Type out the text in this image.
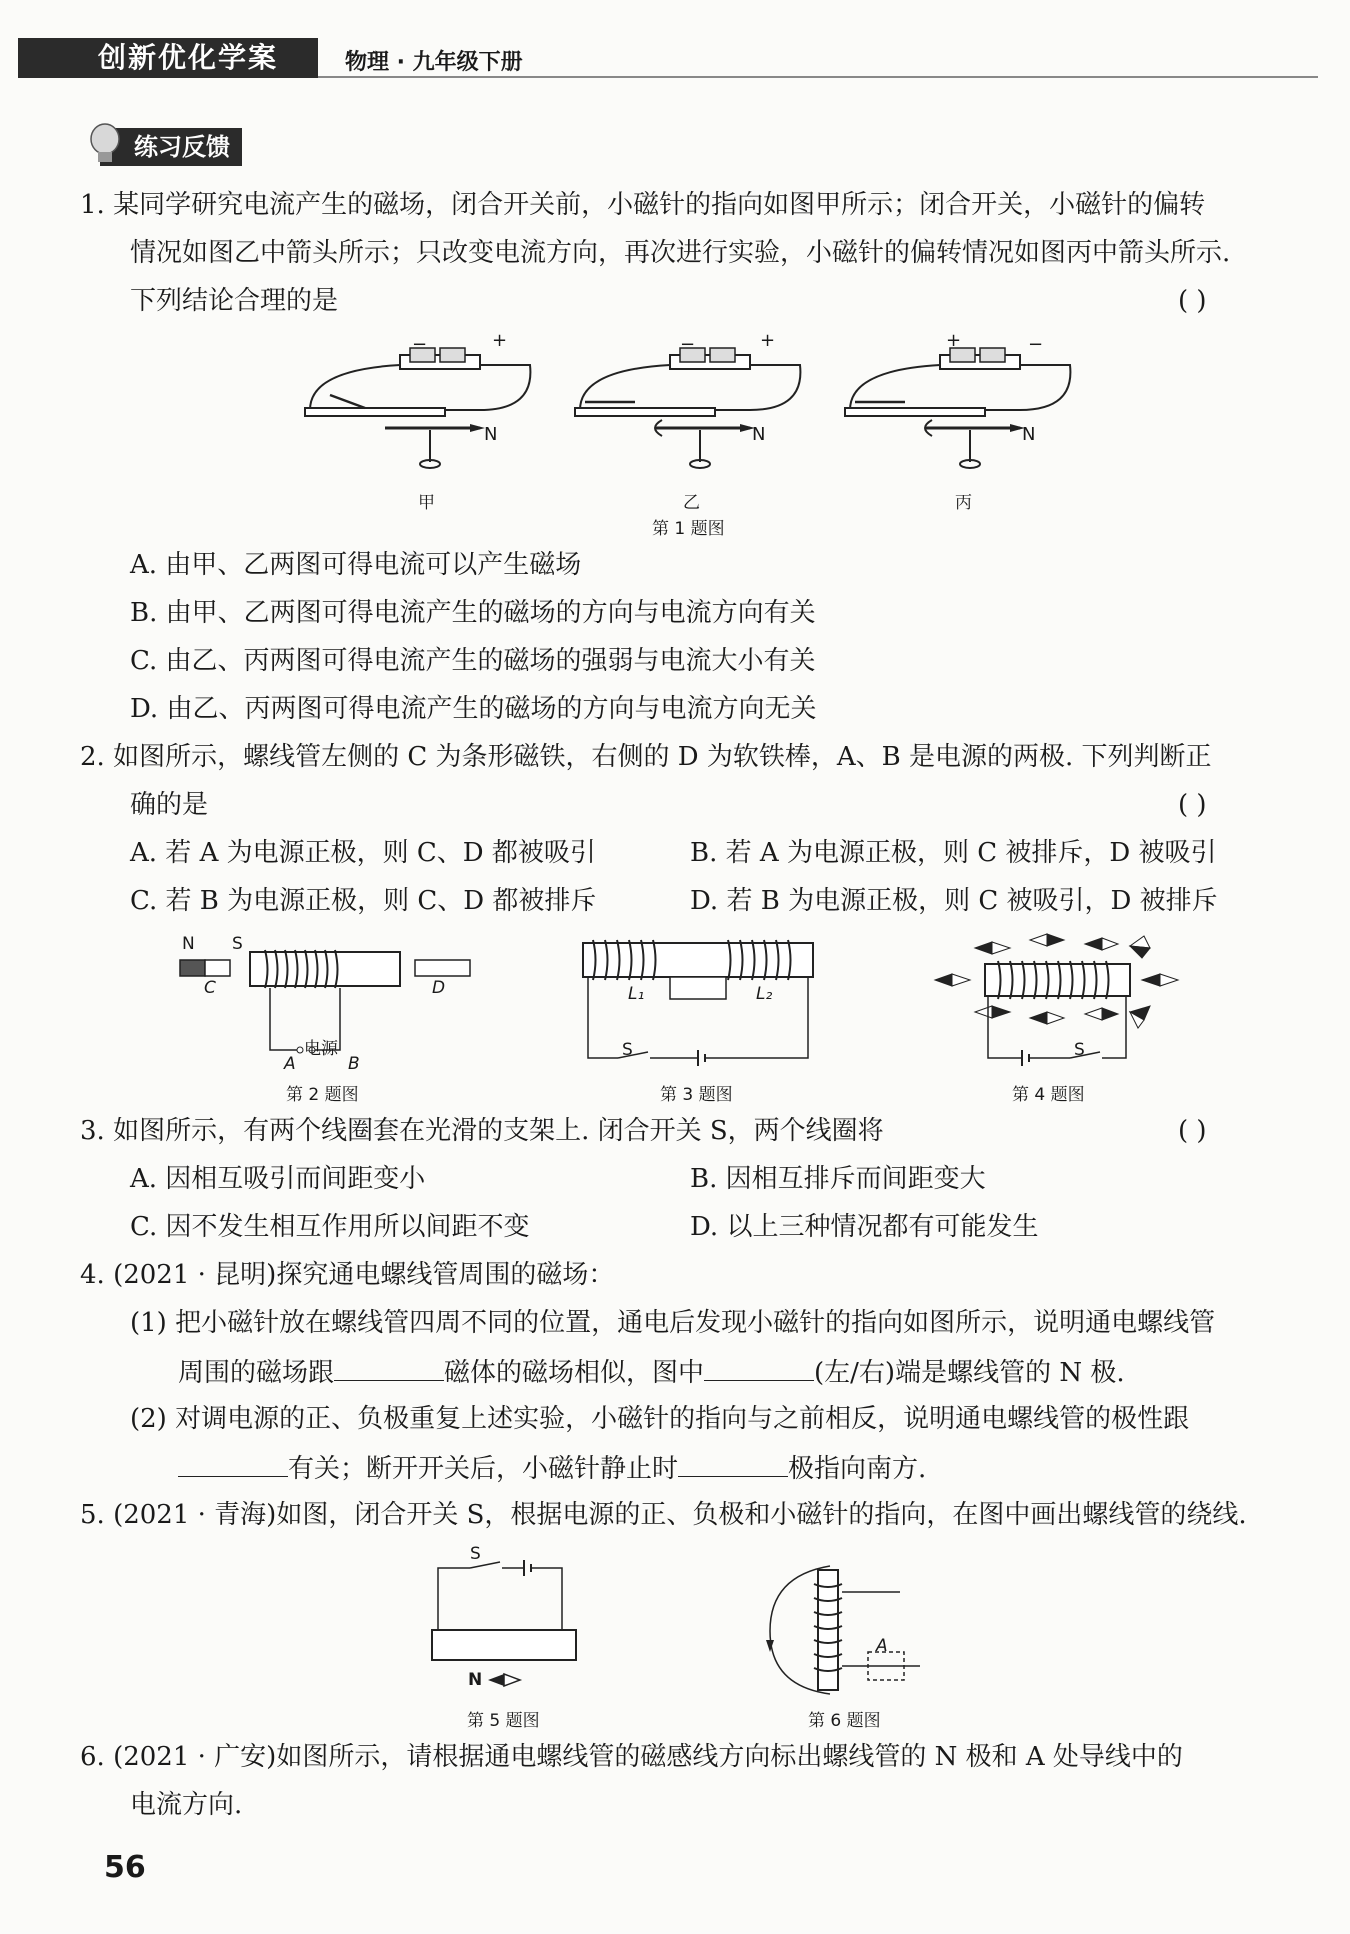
创新优化学案	物理 · 九年级下册
练习反馈
1. 某同学研究电流产生的磁场，闭合开关前，小磁针的指向如图甲所示；闭合开关，小磁针的偏转
情况如图乙中箭头所示；只改变电流方向，再次进行实验，小磁针的偏转情况如图丙中箭头所示.
下列结论合理的是	( )
−	+
N
甲
−	+
N
乙
+	−
N
丙
第 1 题图
A. 由甲、乙两图可得电流可以产生磁场
B. 由甲、乙两图可得电流产生的磁场的方向与电流方向有关
C. 由乙、丙两图可得电流产生的磁场的强弱与电流大小有关
D. 由乙、丙两图可得电流产生的磁场的方向与电流方向无关
2. 如图所示，螺线管左侧的 C 为条形磁铁，右侧的 D 为软铁棒，A、B 是电源的两极. 下列判断正
确的是	( )
A. 若 A 为电源正极，则 C、D 都被吸引	B. 若 A 为电源正极，则 C 被排斥，D 被吸引
C. 若 B 为电源正极，则 C、D 都被排斥	D. 若 B 为电源正极，则 C 被吸引，D 被排斥
N S
C	D
电源
A	B
第 2 题图
L₁	L₂
S
第 3 题图
S
第 4 题图
3. 如图所示，有两个线圈套在光滑的支架上. 闭合开关 S，两个线圈将	( )
A. 因相互吸引而间距变小	B. 因相互排斥而间距变大
C. 因不发生相互作用所以间距不变	D. 以上三种情况都有可能发生
4. (2021 · 昆明)探究通电螺线管周围的磁场：
(1) 把小磁针放在螺线管四周不同的位置，通电后发现小磁针的指向如图所示，说明通电螺线管
周围的磁场跟	磁体的磁场相似，图中	(左/右)端是螺线管的 N 极.
(2) 对调电源的正、负极重复上述实验，小磁针的指向与之前相反，说明通电螺线管的极性跟
有关；断开开关后，小磁针静止时	极指向南方.
5. (2021 · 青海)如图，闭合开关 S，根据电源的正、负极和小磁针的指向，在图中画出螺线管的绕线.
S
N
第 5 题图
A
第 6 题图
6. (2021 · 广安)如图所示，请根据通电螺线管的磁感线方向标出螺线管的 N 极和 A 处导线中的
电流方向.
56
